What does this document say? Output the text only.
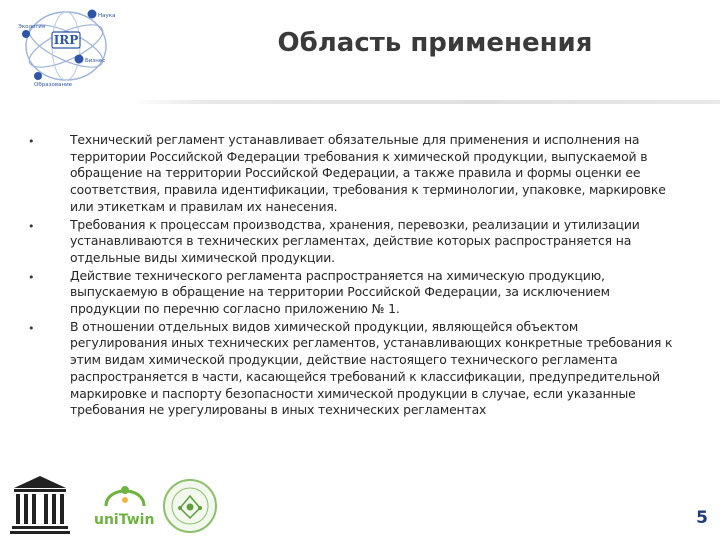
IRP
Наука
Бизнес
Экология
Образование
Область применения
•	Технический регламент устанавливает обязательные для применения и исполнения на территории Российской Федерации требования к химической продукции, выпускаемой в обращение на территории Российской Федерации, а также правила и формы оценки ее соответствия, правила идентификации, требования к терминологии, упаковке, маркировке или этикеткам и правилам их нанесения.
•	Требования к процессам производства, хранения, перевозки, реализации и утилизации устанавливаются в технических регламентах, действие которых распространяется на отдельные виды химической продукции.
•	Действие технического регламента распространяется на химическую продукцию, выпускаемую в обращение на территории Российской Федерации, за исключением продукции по перечню согласно приложению № 1.
•	В отношении отдельных видов химической продукции, являющейся объектом регулирования иных технических регламентов, устанавливающих конкретные требования к этим видам химической продукции, действие настоящего технического регламента распространяется в части, касающейся требований к классификации, предупредительной маркировке и паспорту безопасности химической продукции в случае, если указанные требования не урегулированы в иных технических регламентах
uniTwin	5
